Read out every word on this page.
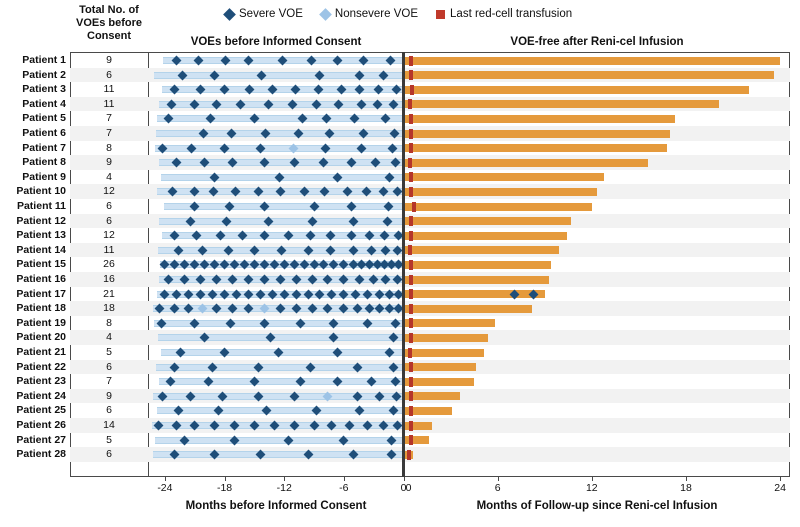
Severe VOE	Nonsevere VOE	Last red-cell transfusion
Total No. of
VOEs before
Consent
VOEs before Informed Consent	VOE-free after Reni-cel Infusion
Patient 1	9
Patient 2	6
Patient 3	11
Patient 4	11
Patient 5	7
Patient 6	7
Patient 7	8
Patient 8	9
Patient 9	4
Patient 10	12
Patient 11	6
Patient 12	6
Patient 13	12
Patient 14	11
Patient 15	26
Patient 16	16
Patient 17	21
Patient 18	18
Patient 19	8
Patient 20	4
Patient 21	5
Patient 22	6
Patient 23	7
Patient 24	9
Patient 25	6
Patient 26	14
Patient 27	5
Patient 28	6
-24	-18	-12	-6	0 0	6	12	18	24
Months before Informed Consent	Months of Follow-up since Reni-cel Infusion
